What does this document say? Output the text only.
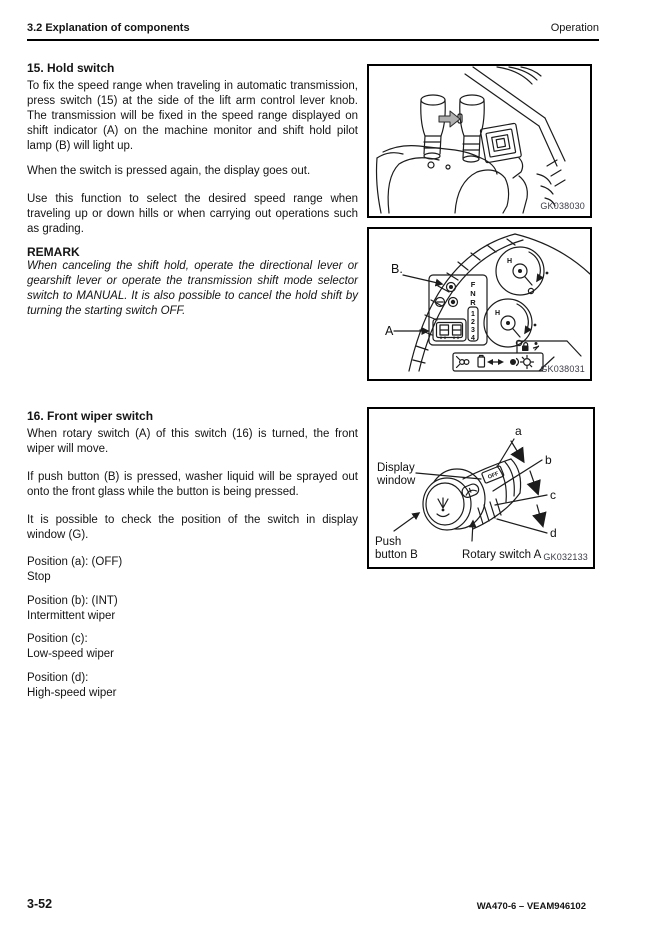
3.2 Explanation of components	Operation
15. Hold switch
To fix the speed range when traveling in automatic transmission, press switch (15) at the side of the lift arm control lever knob. The transmission will be fixed in the speed range displayed on shift indicator (A) on the machine monitor and shift hold pilot lamp (B) will light up.
When the switch is pressed again, the display goes out.
Use this function to select the desired speed range when traveling up or down hills or when carrying out operations such as grading.
REMARK
When canceling the shift hold, operate the directional lever or gearshift lever or operate the transmission shift mode selector switch to MANUAL. It is also possible to cancel the hold shift by turning the starting switch OFF.
16. Front wiper switch
When rotary switch (A) of this switch (16) is turned, the front wiper will move.
If push button (B) is pressed, washer liquid will be sprayed out onto the front glass while the button is being pressed.
It is possible to check the position of the switch in display window (G).
Position (a): (OFF)
Stop
Position (b): (INT)
Intermittent wiper
Position (c):
Low-speed wiper
Position (d):
High-speed wiper
GK038030
F
N
R
1
2
3
4
H
H
B.
A
GK038031
OFF
a
b
c
d
Display
window
Push
button B	Rotary switch A GK032133
3-52	WA470-6 – VEAM946102
